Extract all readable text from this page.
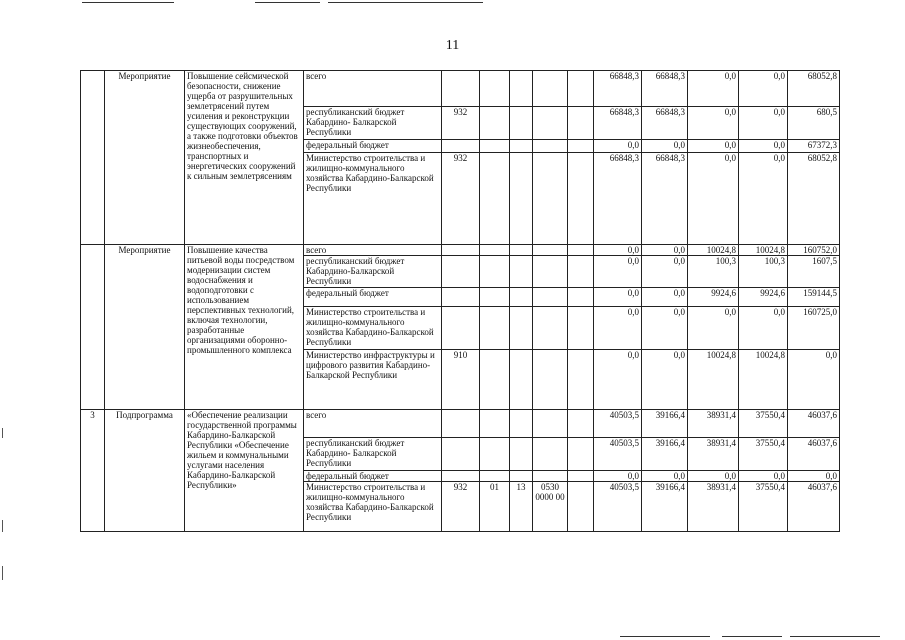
11
	Мероприятие	Повышение сейсмической безопасности, снижение ущерба от разрушительных землетрясений путем усиления и реконструкции существующих сооружений, а также подготовки объектов жизнеобеспечения, транспортных и энергетических сооружений к сильным землетрясениям	всего						66848,3	66848,3	0,0	0,0	68052,8
			республиканский бюджет Кабардино- Балкарской Республики	932					66848,3	66848,3	0,0	0,0	680,5
			федеральный бюджет						0,0	0,0	0,0	0,0	67372,3
			Министерство строительства и жилищно-коммунального хозяйства Кабардино-Балкарской Республики	932					66848,3	66848,3	0,0	0,0	68052,8
	Мероприятие	Повышение качества питьевой воды посредством модернизации систем водоснабжения и водоподготовки с использованием перспективных технологий, включая технологии, разработанные организациями оборонно-промышленного комплекса	всего						0,0	0,0	10024,8	10024,8	160752,0
			республиканский бюджет Кабардино-Балкарской Республики						0,0	0,0	100,3	100,3	1607,5
			федеральный бюджет						0,0	0,0	9924,6	9924,6	159144,5
			Министерство строительства и жилищно-коммунального хозяйства Кабардино-Балкарской Республики						0,0	0,0	0,0	0,0	160725,0
			Министерство инфраструктуры и цифрового развития Кабардино-Балкарской Республики	910					0,0	0,0	10024,8	10024,8	0,0
3	Подпрограмма	«Обеспечение реализации государственной программы Кабардино-Балкарской Республики «Обеспечение жильем и коммунальными услугами населения Кабардино-Балкарской Республики»	всего						40503,5	39166,4	38931,4	37550,4	46037,6
			республиканский бюджет Кабардино- Балкарской Республики						40503,5	39166,4	38931,4	37550,4	46037,6
			федеральный бюджет						0,0	0,0	0,0	0,0	0,0
			Министерство строительства и жилищно-коммунального хозяйства Кабардино-Балкарской Республики	932	01	13	0530 0000 00		40503,5	39166,4	38931,4	37550,4	46037,6
